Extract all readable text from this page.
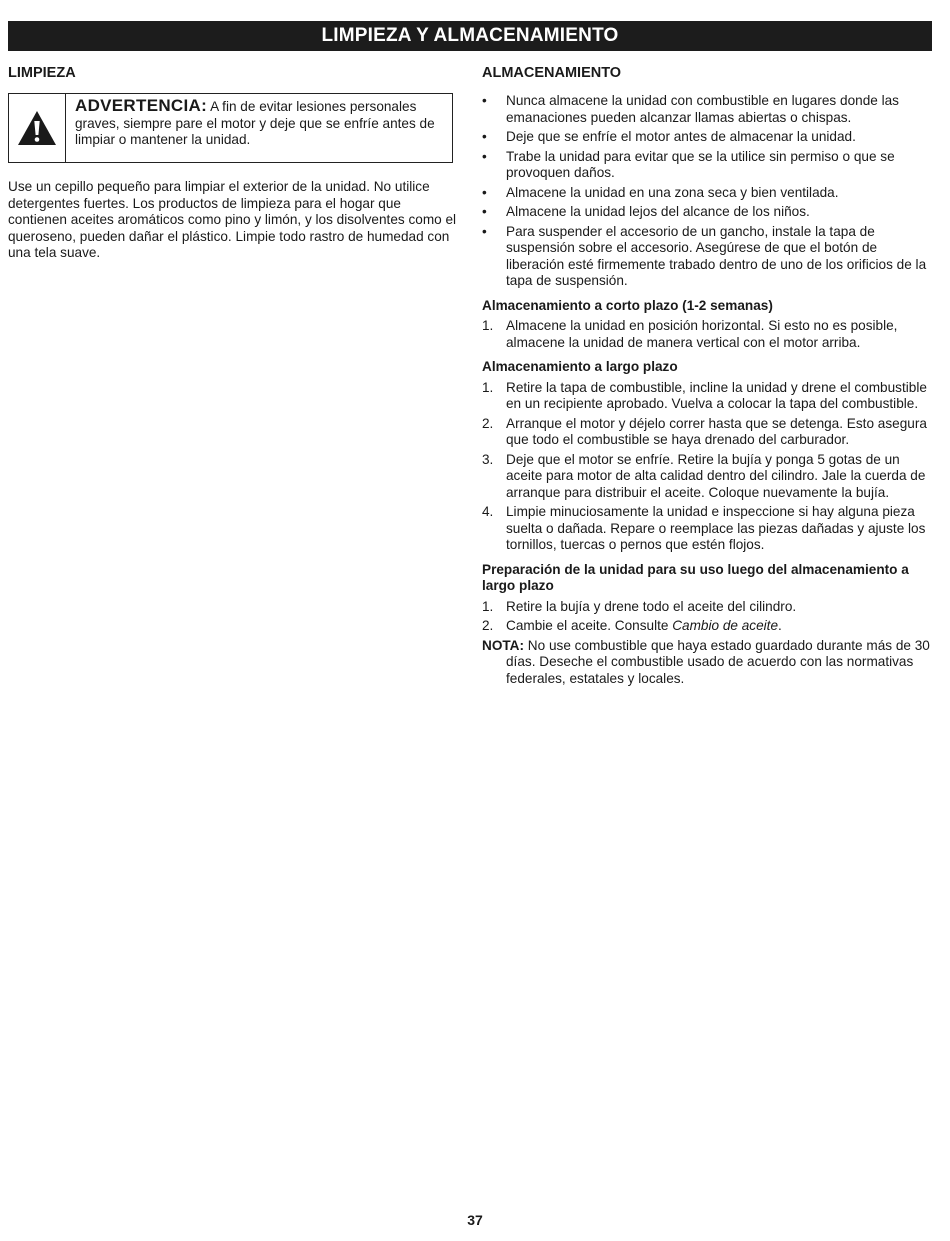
LIMPIEZA Y ALMACENAMIENTO
LIMPIEZA
ADVERTENCIA: A fin de evitar lesiones personales graves, siempre pare el motor y deje que se enfríe antes de limpiar o mantener la unidad.

Use un cepillo pequeño para limpiar el exterior de la unidad. No utilice detergentes fuertes. Los productos de limpieza para el hogar que contienen aceites aromáticos como pino y limón, y los disolventes como el queroseno, pueden dañar el plástico. Limpie todo rastro de humedad con una tela suave.

ALMACENAMIENTO
•	Nunca almacene la unidad con combustible en lugares donde las emanaciones pueden alcanzar llamas abiertas o chispas.
•	Deje que se enfríe el motor antes de almacenar la unidad.
•	Trabe la unidad para evitar que se la utilice sin permiso o que se provoquen daños.
•	Almacene la unidad en una zona seca y bien ventilada.
•	Almacene la unidad lejos del alcance de los niños.
•	Para suspender el accesorio de un gancho, instale la tapa de suspensión sobre el accesorio. Asegúrese de que el botón de liberación esté firmemente trabado dentro de uno de los orificios de la tapa de suspensión.
Almacenamiento a corto plazo (1-2 semanas)
1. Almacene la unidad en posición horizontal. Si esto no es posible, almacene la unidad de manera vertical con el motor arriba.
Almacenamiento a largo plazo
1. Retire la tapa de combustible, incline la unidad y drene el combustible en un recipiente aprobado. Vuelva a colocar la tapa del combustible.
2. Arranque el motor y déjelo correr hasta que se detenga. Esto asegura que todo el combustible se haya drenado del carburador.
3. Deje que el motor se enfríe. Retire la bujía y ponga 5 gotas de un aceite para motor de alta calidad dentro del cilindro. Jale la cuerda de arranque para distribuir el aceite. Coloque nuevamente la bujía.
4. Limpie minuciosamente la unidad e inspeccione si hay alguna pieza suelta o dañada. Repare o reemplace las piezas dañadas y ajuste los tornillos, tuercas o pernos que estén flojos.
Preparación de la unidad para su uso luego del almacenamiento a largo plazo
1. Retire la bujía y drene todo el aceite del cilindro.
2. Cambie el aceite. Consulte Cambio de aceite.

NOTA: No use combustible que haya estado guardado durante más de 30 días. Deseche el combustible usado de acuerdo con las normativas federales, estatales y locales.

37
